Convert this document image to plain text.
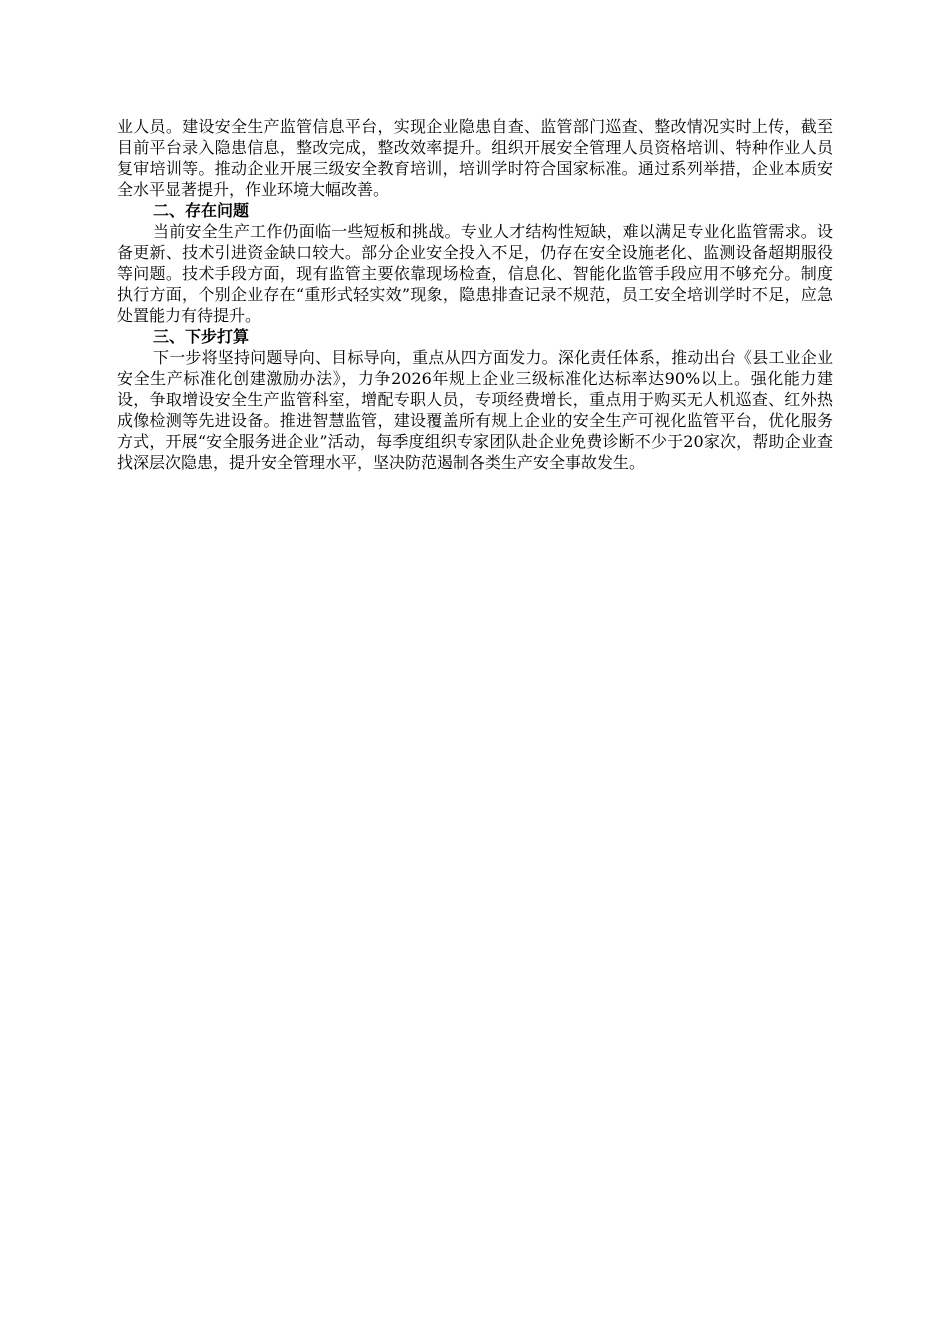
业人员。建设安全生产监管信息平台，实现企业隐患自查、监管部门巡查、整改情况实时上传，截至目前平台录入隐患信息，整改完成，整改效率提升。组织开展安全管理人员资格培训、特种作业人员复审培训等。推动企业开展三级安全教育培训，培训学时符合国家标准。通过系列举措，企业本质安全水平显著提升，作业环境大幅改善。

二、存在问题

当前安全生产工作仍面临一些短板和挑战。专业人才结构性短缺，难以满足专业化监管需求。设备更新、技术引进资金缺口较大。部分企业安全投入不足，仍存在安全设施老化、监测设备超期服役等问题。技术手段方面，现有监管主要依靠现场检查，信息化、智能化监管手段应用不够充分。制度执行方面，个别企业存在“重形式轻实效”现象，隐患排查记录不规范，员工安全培训学时不足，应急处置能力有待提升。

三、下步打算

下一步将坚持问题导向、目标导向，重点从四方面发力。深化责任体系，推动出台《县工业企业安全生产标准化创建激励办法》，力争2026年规上企业三级标准化达标率达90%以上。强化能力建设，争取增设安全生产监管科室，增配专职人员，专项经费增长，重点用于购买无人机巡查、红外热成像检测等先进设备。推进智慧监管，建设覆盖所有规上企业的安全生产可视化监管平台，优化服务方式，开展“安全服务进企业”活动，每季度组织专家团队赴企业免费诊断不少于20家次，帮助企业查找深层次隐患，提升安全管理水平，坚决防范遏制各类生产安全事故发生。
